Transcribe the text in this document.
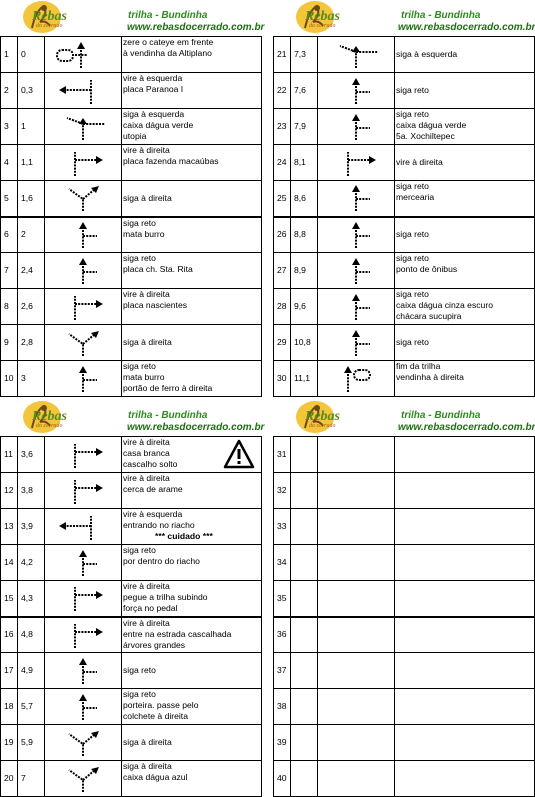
Rebas
do cerrado
trilha - Bundinha
www.rebasdocerrado.com.br
1	0		zere o cateye em frente
à vendinha da Altiplano

2	0,3		vire à esquerda
placa Paranoa I

3	1		siga à esquerda
caixa dágua verde
utopia

4	1,1		vire à direita
placa fazenda macaúbas

5	1,6		siga à direita

6	2		siga reto
mata burro

7	2,4		siga reto
placa ch. Sta. Rita

8	2,6		vire à direita
placa nascientes

9	2,8		siga à direita

10	3		siga reto
mata burro
portão de ferro à direita
Rebas
do cerrado
trilha - Bundinha
www.rebasdocerrado.com.br
21	7,3		siga à esquerda

22	7,6		siga reto

23	7,9		siga reto
caixa dágua verde
5a. Xochiltepec

24	8,1		vire à direita

25	8,6		siga reto
mercearia

26	8,8		siga reto

27	8,9		siga reto
ponto de ônibus

28	9,6		siga reto
caixa dágua cinza escuro
chácara sucupira

29	10,8		siga reto

30	11,1		fim da trilha
vendinha à direita
Rebas
do cerrado
trilha - Bundinha
www.rebasdocerrado.com.br
11	3,6		vire à direita
casa branca
cascalho solto

12	3,8		vire à direita
cerca de arame

13	3,9		vire à esquerda
entrando no riacho
*** cuidado ***

14	4,2		siga reto
por dentro do riacho

15	4,3		vire à direita
pegue a trilha subindo
força no pedal

16	4,8		vire à direita
entre na estrada cascalhada
árvores grandes

17	4,9		siga reto

18	5,7		siga reto
porteira. passe pelo
colchete à direita

19	5,9		siga à direita

20	7		siga à direita
caixa dágua azul
Rebas
do cerrado
trilha - Bundinha
www.rebasdocerrado.com.br
31			
32			
33			
34			
35			
36			
37			
38			
39			
40			
